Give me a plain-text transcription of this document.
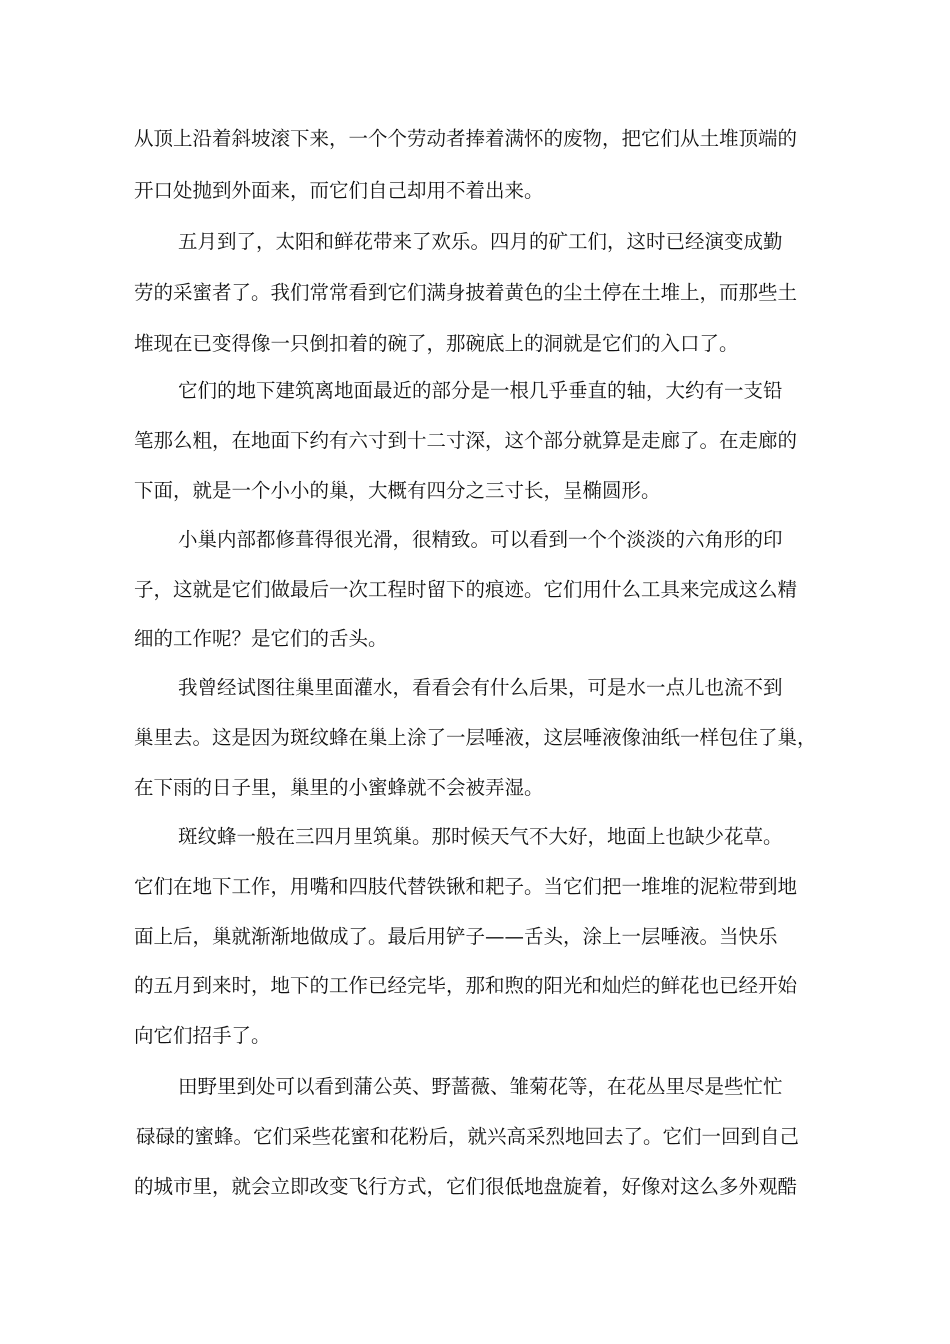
从顶上沿着斜坡滚下来，一个个劳动者捧着满怀的废物，把它们从土堆顶端的
开口处抛到外面来，而它们自己却用不着出来。
五月到了，太阳和鲜花带来了欢乐。四月的矿工们，这时已经演变成勤
劳的采蜜者了。我们常常看到它们满身披着黄色的尘土停在土堆上，而那些土
堆现在已变得像一只倒扣着的碗了，那碗底上的洞就是它们的入口了。
它们的地下建筑离地面最近的部分是一根几乎垂直的轴，大约有一支铅
笔那么粗，在地面下约有六寸到十二寸深，这个部分就算是走廊了。在走廊的
下面，就是一个小小的巢，大概有四分之三寸长，呈椭圆形。
小巢内部都修葺得很光滑，很精致。可以看到一个个淡淡的六角形的印
子，这就是它们做最后一次工程时留下的痕迹。它们用什么工具来完成这么精
细的工作呢？是它们的舌头。
我曾经试图往巢里面灌水，看看会有什么后果，可是水一点儿也流不到
巢里去。这是因为斑纹蜂在巢上涂了一层唾液，这层唾液像油纸一样包住了巢，
在下雨的日子里，巢里的小蜜蜂就不会被弄湿。
斑纹蜂一般在三四月里筑巢。那时候天气不大好，地面上也缺少花草。
它们在地下工作，用嘴和四肢代替铁锹和耙子。当它们把一堆堆的泥粒带到地
面上后，巢就渐渐地做成了。最后用铲子——舌头，涂上一层唾液。当快乐
的五月到来时，地下的工作已经完毕，那和煦的阳光和灿烂的鲜花也已经开始
向它们招手了。
田野里到处可以看到蒲公英、野蔷薇、雏菊花等，在花丛里尽是些忙忙
碌碌的蜜蜂。它们采些花蜜和花粉后，就兴高采烈地回去了。它们一回到自己
的城市里，就会立即改变飞行方式，它们很低地盘旋着，好像对这么多外观酷
